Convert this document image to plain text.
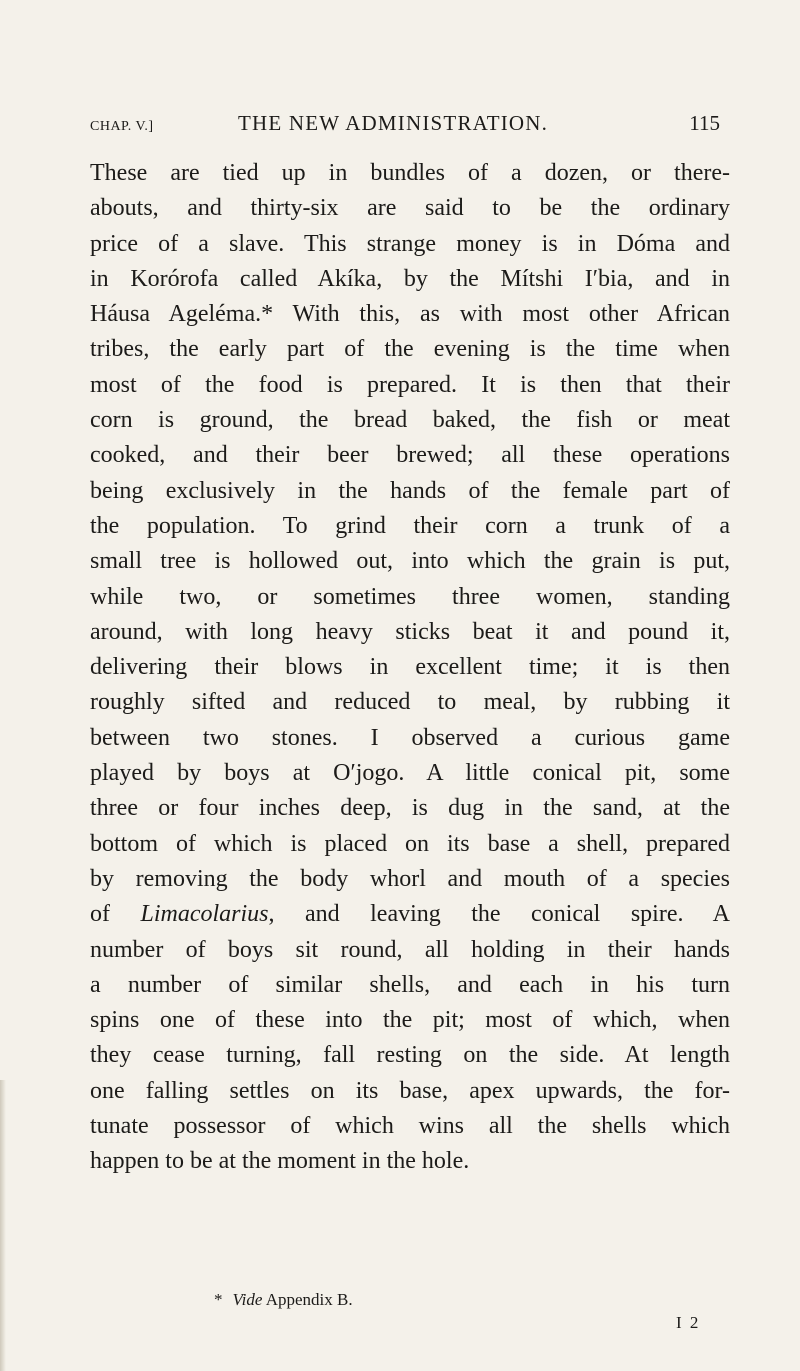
CHAP. V.]	THE NEW ADMINISTRATION.	115
These are tied up in bundles of a dozen, or there-
abouts, and thirty-six are said to be the ordinary
price of a slave. This strange money is in Dóma and
in Korórofa called Akíka, by the Mítshi I′bia, and in
Háusa Ageléma.* With this, as with most other African
tribes, the early part of the evening is the time when
most of the food is prepared. It is then that their
corn is ground, the bread baked, the fish or meat
cooked, and their beer brewed; all these operations
being exclusively in the hands of the female part of
the population. To grind their corn a trunk of a
small tree is hollowed out, into which the grain is put,
while two, or sometimes three women, standing
around, with long heavy sticks beat it and pound it,
delivering their blows in excellent time; it is then
roughly sifted and reduced to meal, by rubbing it
between two stones. I observed a curious game
played by boys at O′jogo. A little conical pit, some
three or four inches deep, is dug in the sand, at the
bottom of which is placed on its base a shell, prepared
by removing the body whorl and mouth of a species
of Limacolarius, and leaving the conical spire. A
number of boys sit round, all holding in their hands
a number of similar shells, and each in his turn
spins one of these into the pit; most of which, when
they cease turning, fall resting on the side. At length
one falling settles on its base, apex upwards, the for-
tunate possessor of which wins all the shells which
happen to be at the moment in the hole.
* Vide Appendix B.
I 2
